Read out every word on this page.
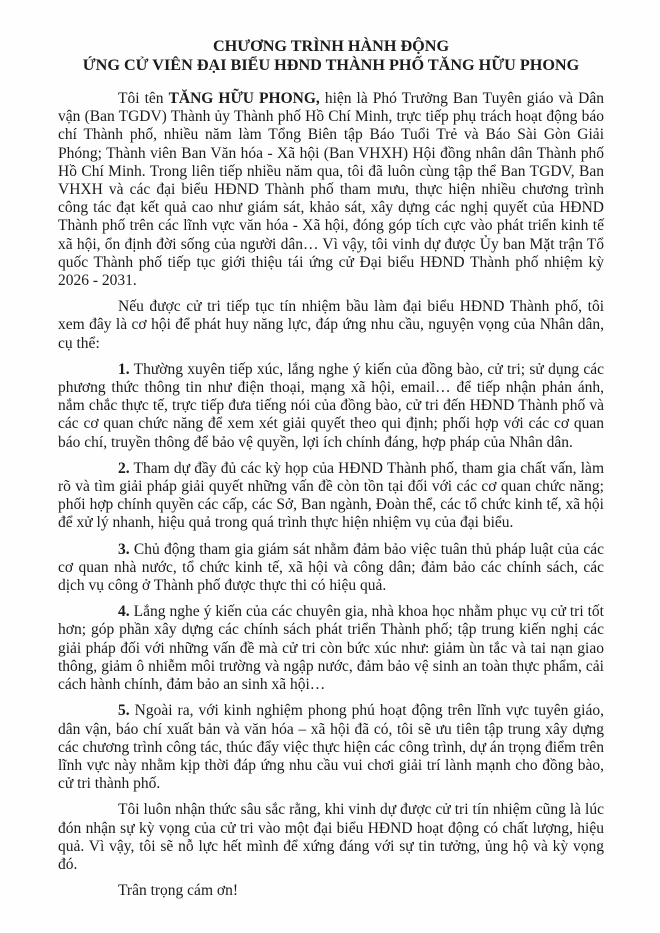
CHƯƠNG TRÌNH HÀNH ĐỘNG
ỨNG CỬ VIÊN ĐẠI BIỂU HĐND THÀNH PHỐ TĂNG HỮU PHONG

Tôi tên TĂNG HỮU PHONG, hiện là Phó Trưởng Ban Tuyên giáo và Dân vận (Ban TGDV) Thành ủy Thành phố Hồ Chí Minh, trực tiếp phụ trách hoạt động báo chí Thành phố, nhiều năm làm Tổng Biên tập Báo Tuổi Trẻ và Báo Sài Gòn Giải Phóng; Thành viên Ban Văn hóa - Xã hội (Ban VHXH) Hội đồng nhân dân Thành phố Hồ Chí Minh. Trong liên tiếp nhiều năm qua, tôi đã luôn cùng tập thể Ban TGDV, Ban VHXH và các đại biểu HĐND Thành phố tham mưu, thực hiện nhiều chương trình công tác đạt kết quả cao như giám sát, khảo sát, xây dựng các nghị quyết của HĐND Thành phố trên các lĩnh vực văn hóa - Xã hội, đóng góp tích cực vào phát triển kinh tế xã hội, ổn định đời sống của người dân… Vì vậy, tôi vinh dự được Ủy ban Mặt trận Tổ quốc Thành phố tiếp tục giới thiệu tái ứng cử Đại biểu HĐND Thành phố nhiệm kỳ 2026 - 2031.

Nếu được cử tri tiếp tục tín nhiệm bầu làm đại biểu HĐND Thành phố, tôi xem đây là cơ hội để phát huy năng lực, đáp ứng nhu cầu, nguyện vọng của Nhân dân, cụ thể:

1. Thường xuyên tiếp xúc, lắng nghe ý kiến của đồng bào, cử tri; sử dụng các phương thức thông tin như điện thoại, mạng xã hội, email… để tiếp nhận phản ánh, nắm chắc thực tế, trực tiếp đưa tiếng nói của đồng bào, cử tri đến HĐND Thành phố và các cơ quan chức năng để xem xét giải quyết theo qui định; phối hợp với các cơ quan báo chí, truyền thông để bảo vệ quyền, lợi ích chính đáng, hợp pháp của Nhân dân.

2. Tham dự đầy đủ các kỳ họp của HĐND Thành phố, tham gia chất vấn, làm rõ và tìm giải pháp giải quyết những vấn đề còn tồn tại đối với các cơ quan chức năng; phối hợp chính quyền các cấp, các Sở, Ban ngành, Đoàn thể, các tổ chức kinh tế, xã hội để xử lý nhanh, hiệu quả trong quá trình thực hiện nhiệm vụ của đại biểu.

3. Chủ động tham gia giám sát nhằm đảm bảo việc tuân thủ pháp luật của các cơ quan nhà nước, tổ chức kinh tế, xã hội và công dân; đảm bảo các chính sách, các dịch vụ công ở Thành phố được thực thi có hiệu quả.

4. Lắng nghe ý kiến của các chuyên gia, nhà khoa học nhằm phục vụ cử tri tốt hơn; góp phần xây dựng các chính sách phát triển Thành phố; tập trung kiến nghị các giải pháp đối với những vấn đề mà cử tri còn bức xúc như: giảm ùn tắc và tai nạn giao thông, giảm ô nhiễm môi trường và ngập nước, đảm bảo vệ sinh an toàn thực phẩm, cải cách hành chính, đảm bảo an sinh xã hội…

5. Ngoài ra, với kinh nghiệm phong phú hoạt động trên lĩnh vực tuyên giáo, dân vận, báo chí xuất bản và văn hóa – xã hội đã có, tôi sẽ ưu tiên tập trung xây dựng các chương trình công tác, thúc đẩy việc thực hiện các công trình, dự án trọng điểm trên lĩnh vực này nhằm kịp thời đáp ứng nhu cầu vui chơi giải trí lành mạnh cho đồng bào, cử tri thành phố.

Tôi luôn nhận thức sâu sắc rằng, khi vinh dự được cử tri tín nhiệm cũng là lúc đón nhận sự kỳ vọng của cử tri vào một đại biểu HĐND hoạt động có chất lượng, hiệu quả. Vì vậy, tôi sẽ nỗ lực hết mình để xứng đáng với sự tin tưởng, ủng hộ và kỳ vọng đó.

Trân trọng cám ơn!
